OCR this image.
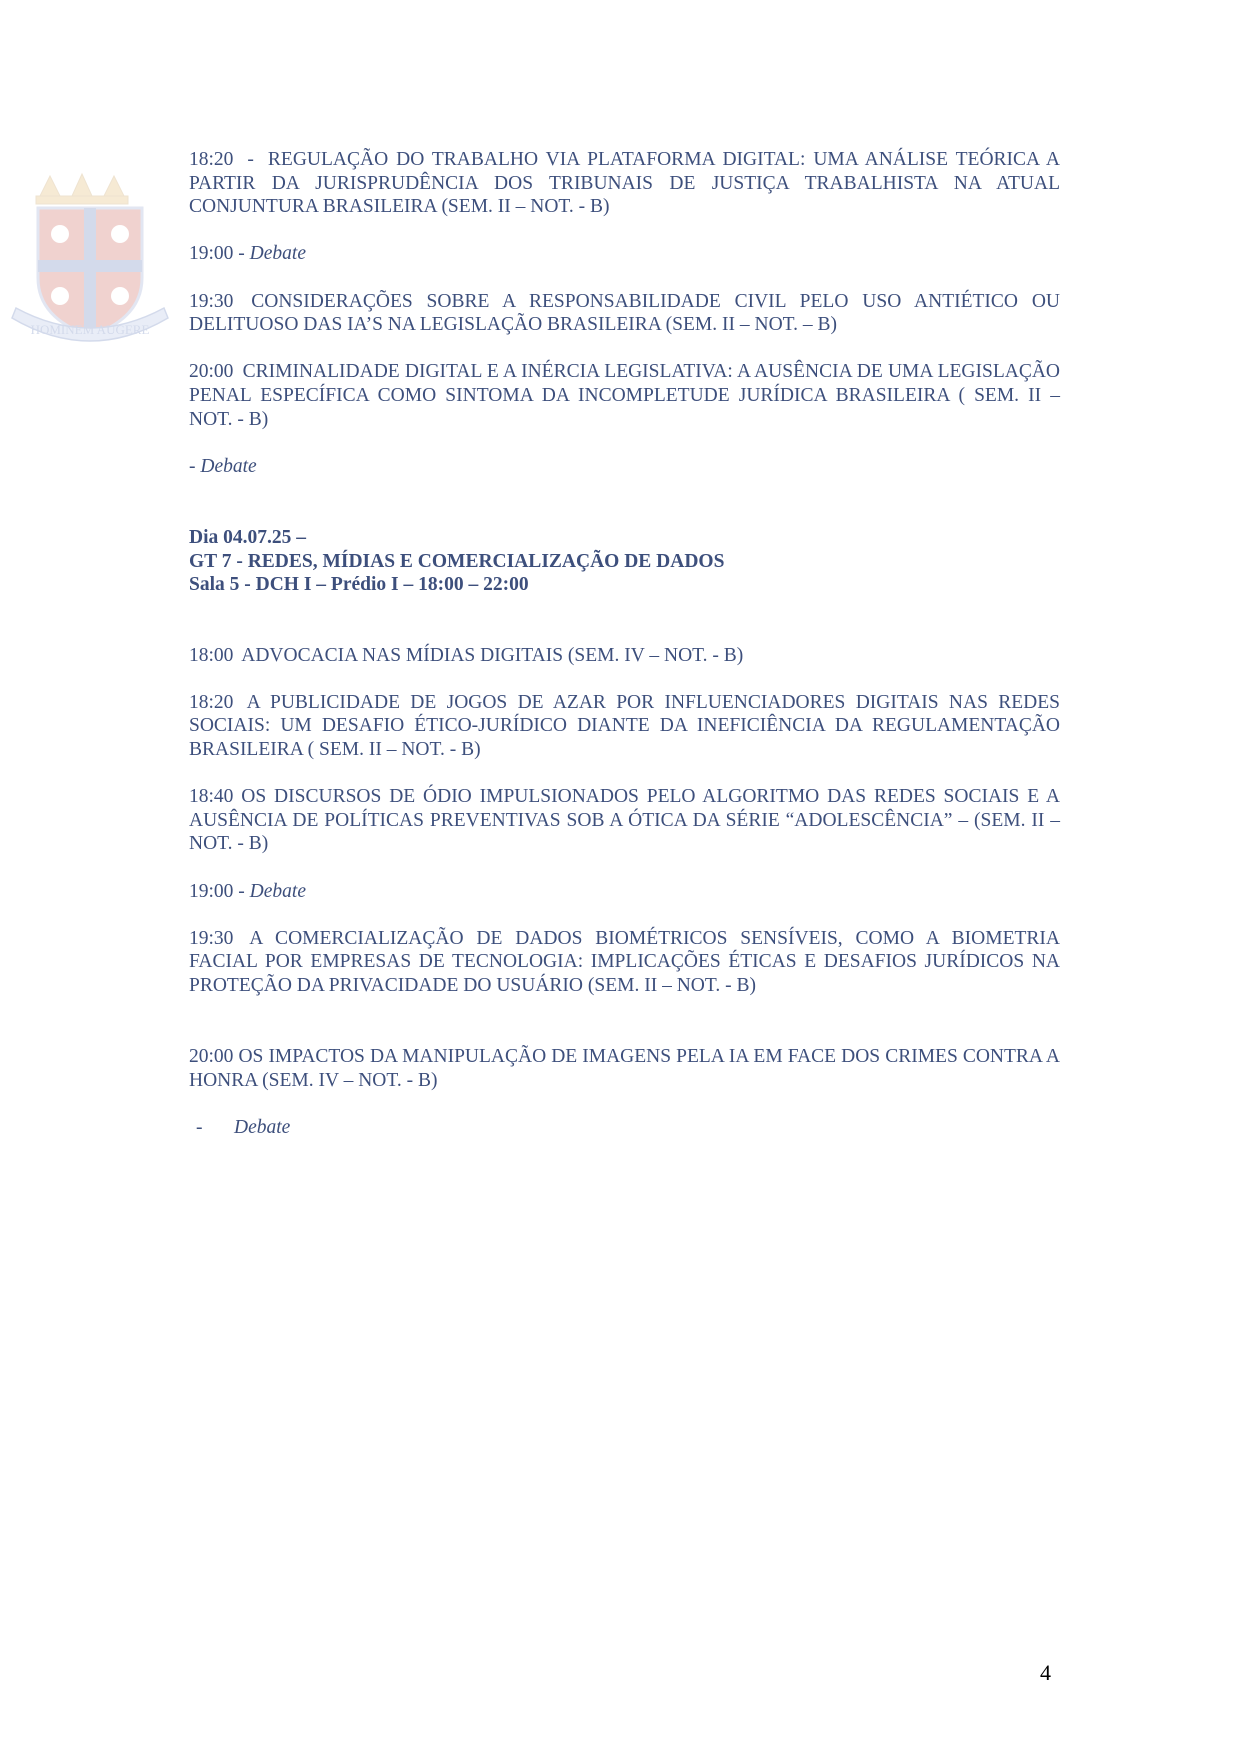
HOMINEM AUGERE

18:20 - REGULAÇÃO DO TRABALHO VIA PLATAFORMA DIGITAL: UMA ANÁLISE TEÓRICA A PARTIR DA JURISPRUDÊNCIA DOS TRIBUNAIS DE JUSTIÇA TRABALHISTA NA ATUAL CONJUNTURA BRASILEIRA (SEM. II – NOT. - B)

19:00 - Debate

19:30 CONSIDERAÇÕES SOBRE A RESPONSABILIDADE CIVIL PELO USO ANTIÉTICO OU DELITUOSO DAS IA’S NA LEGISLAÇÃO BRASILEIRA (SEM. II – NOT. – B)

20:00 CRIMINALIDADE DIGITAL E A INÉRCIA LEGISLATIVA: A AUSÊNCIA DE UMA LEGISLAÇÃO PENAL ESPECÍFICA COMO SINTOMA DA INCOMPLETUDE JURÍDICA BRASILEIRA ( SEM. II – NOT. - B)

- Debate

Dia 04.07.25 –
GT 7 - REDES, MÍDIAS E COMERCIALIZAÇÃO DE DADOS
Sala 5 - DCH I – Prédio I – 18:00 – 22:00

18:00 ADVOCACIA NAS MÍDIAS DIGITAIS (SEM. IV – NOT. - B)

18:20 A PUBLICIDADE DE JOGOS DE AZAR POR INFLUENCIADORES DIGITAIS NAS REDES SOCIAIS: UM DESAFIO ÉTICO-JURÍDICO DIANTE DA INEFICIÊNCIA DA REGULAMENTAÇÃO BRASILEIRA ( SEM. II – NOT. - B)

18:40 OS DISCURSOS DE ÓDIO IMPULSIONADOS PELO ALGORITMO DAS REDES SOCIAIS E A AUSÊNCIA DE POLÍTICAS PREVENTIVAS SOB A ÓTICA DA SÉRIE “ADOLESCÊNCIA” – (SEM. II – NOT. - B)

19:00 - Debate

19:30 A COMERCIALIZAÇÃO DE DADOS BIOMÉTRICOS SENSÍVEIS, COMO A BIOMETRIA FACIAL POR EMPRESAS DE TECNOLOGIA: IMPLICAÇÕES ÉTICAS E DESAFIOS JURÍDICOS NA PROTEÇÃO DA PRIVACIDADE DO USUÁRIO (SEM. II – NOT. - B)

20:00 OS IMPACTOS DA MANIPULAÇÃO DE IMAGENS PELA IA EM FACE DOS CRIMES CONTRA A HONRA (SEM. IV – NOT. - B)

- Debate

4
